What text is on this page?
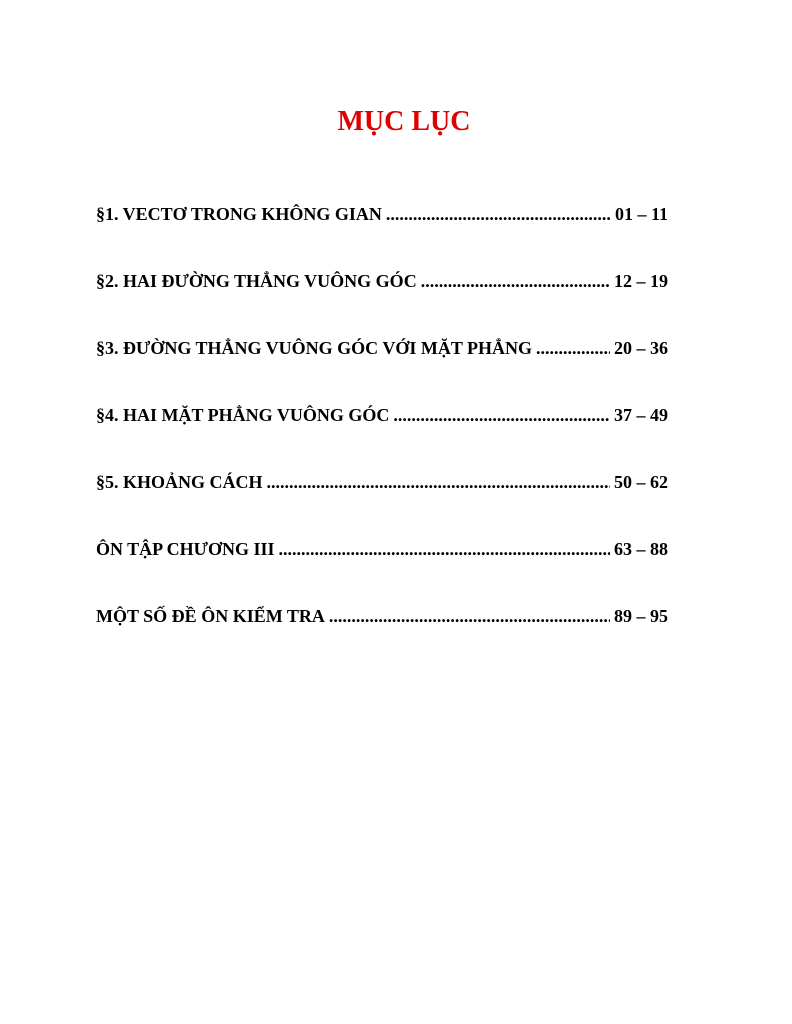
MỤC LỤC
§1. VECTƠ TRONG KHÔNG GIAN .....	01 – 11
§2. HAI ĐƯỜNG THẲNG VUÔNG GÓC .....	12 – 19
§3. ĐƯỜNG THẲNG VUÔNG GÓC VỚI MẶT PHẲNG .....	20 – 36
§4. HAI MẶT PHẲNG VUÔNG GÓC .....	37 – 49
§5. KHOẢNG CÁCH .....	50 – 62
ÔN TẬP CHƯƠNG III .....	63 – 88
MỘT SỐ ĐỀ ÔN KIỂM TRA .....	89 – 95
